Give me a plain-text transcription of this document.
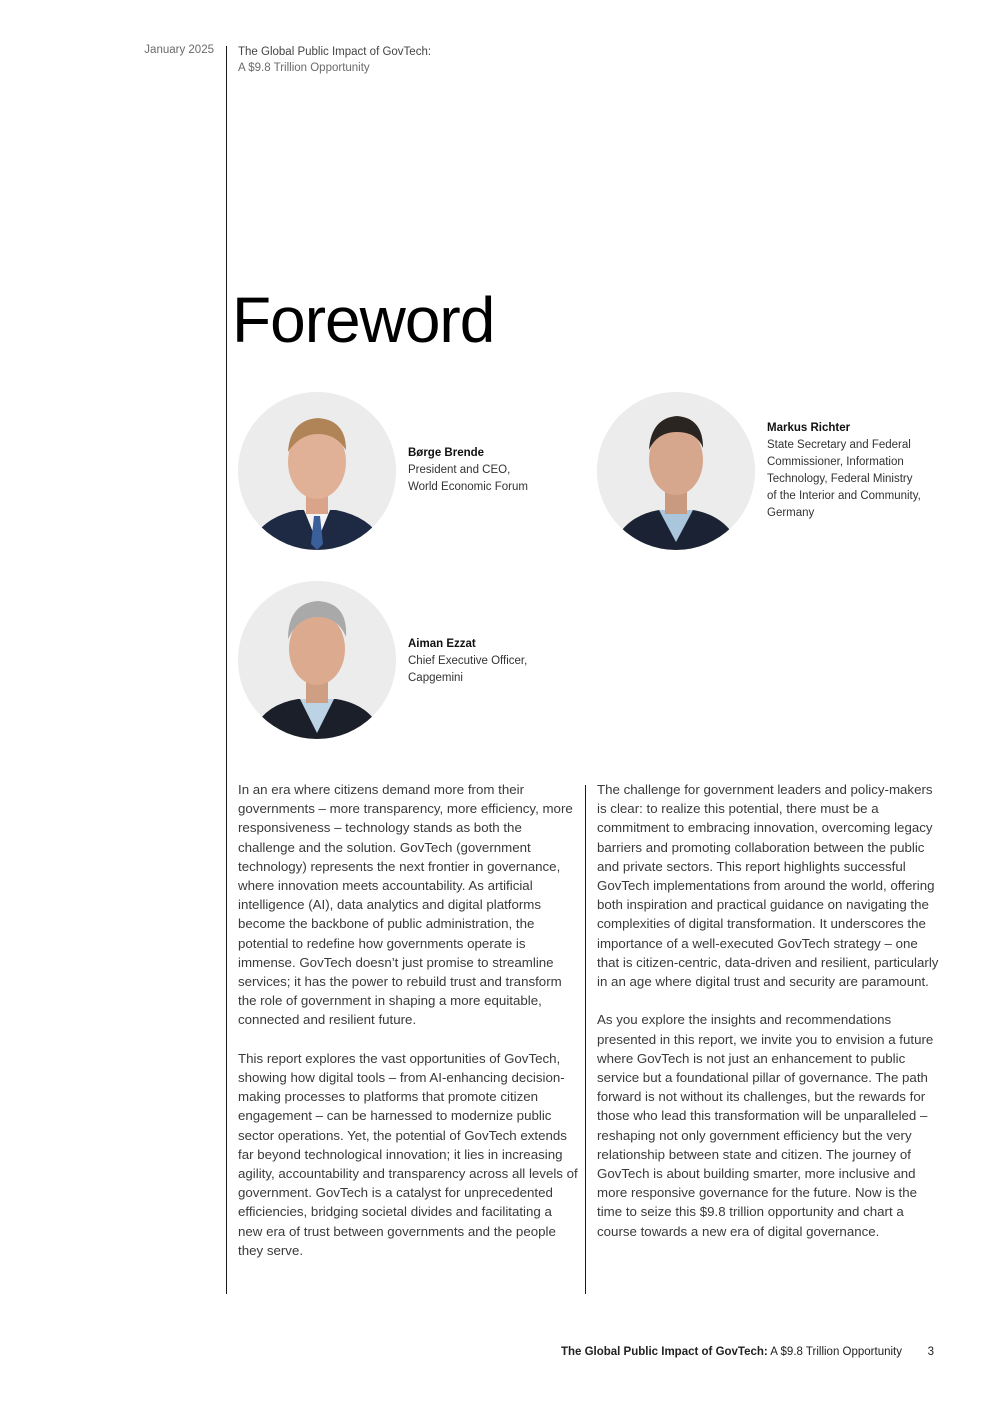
January 2025 The Global Public Impact of GovTech:
A $9.8 Trillion Opportunity
Foreword
Børge Brende
President and CEO,
World Economic Forum
Markus Richter
State Secretary and Federal
Commissioner, Information
Technology, Federal Ministry
of the Interior and Community,
Germany
Aiman Ezzat
Chief Executive Officer,
Capgemini

In an era where citizens demand more from their governments – more transparency, more efficiency, more responsiveness – technology stands as both the challenge and the solution. GovTech (government technology) represents the next frontier in governance, where innovation meets accountability. As artificial intelligence (AI), data analytics and digital platforms become the backbone of public administration, the potential to redefine how governments operate is immense. GovTech doesn’t just promise to streamline services; it has the power to rebuild trust and transform the role of government in shaping a more equitable, connected and resilient future.

This report explores the vast opportunities of GovTech, showing how digital tools – from AI-enhancing decision-making processes to platforms that promote citizen engagement – can be harnessed to modernize public sector operations. Yet, the potential of GovTech extends far beyond technological innovation; it lies in increasing agility, accountability and transparency across all levels of government. GovTech is a catalyst for unprecedented efficiencies, bridging societal divides and facilitating a new era of trust between governments and the people they serve.

The challenge for government leaders and policy-makers is clear: to realize this potential, there must be a commitment to embracing innovation, overcoming legacy barriers and promoting collaboration between the public and private sectors. This report highlights successful GovTech implementations from around the world, offering both inspiration and practical guidance on navigating the complexities of digital transformation. It underscores the importance of a well-executed GovTech strategy – one that is citizen-centric, data-driven and resilient, particularly in an age where digital trust and security are paramount.

As you explore the insights and recommendations presented in this report, we invite you to envision a future where GovTech is not just an enhancement to public service but a foundational pillar of governance. The path forward is not without its challenges, but the rewards for those who lead this transformation will be unparalleled – reshaping not only government efficiency but the very relationship between state and citizen. The journey of GovTech is about building smarter, more inclusive and more responsive governance for the future. Now is the time to seize this $9.8 trillion opportunity and chart a course towards a new era of digital governance.

The Global Public Impact of GovTech: A $9.8 Trillion Opportunity	3
